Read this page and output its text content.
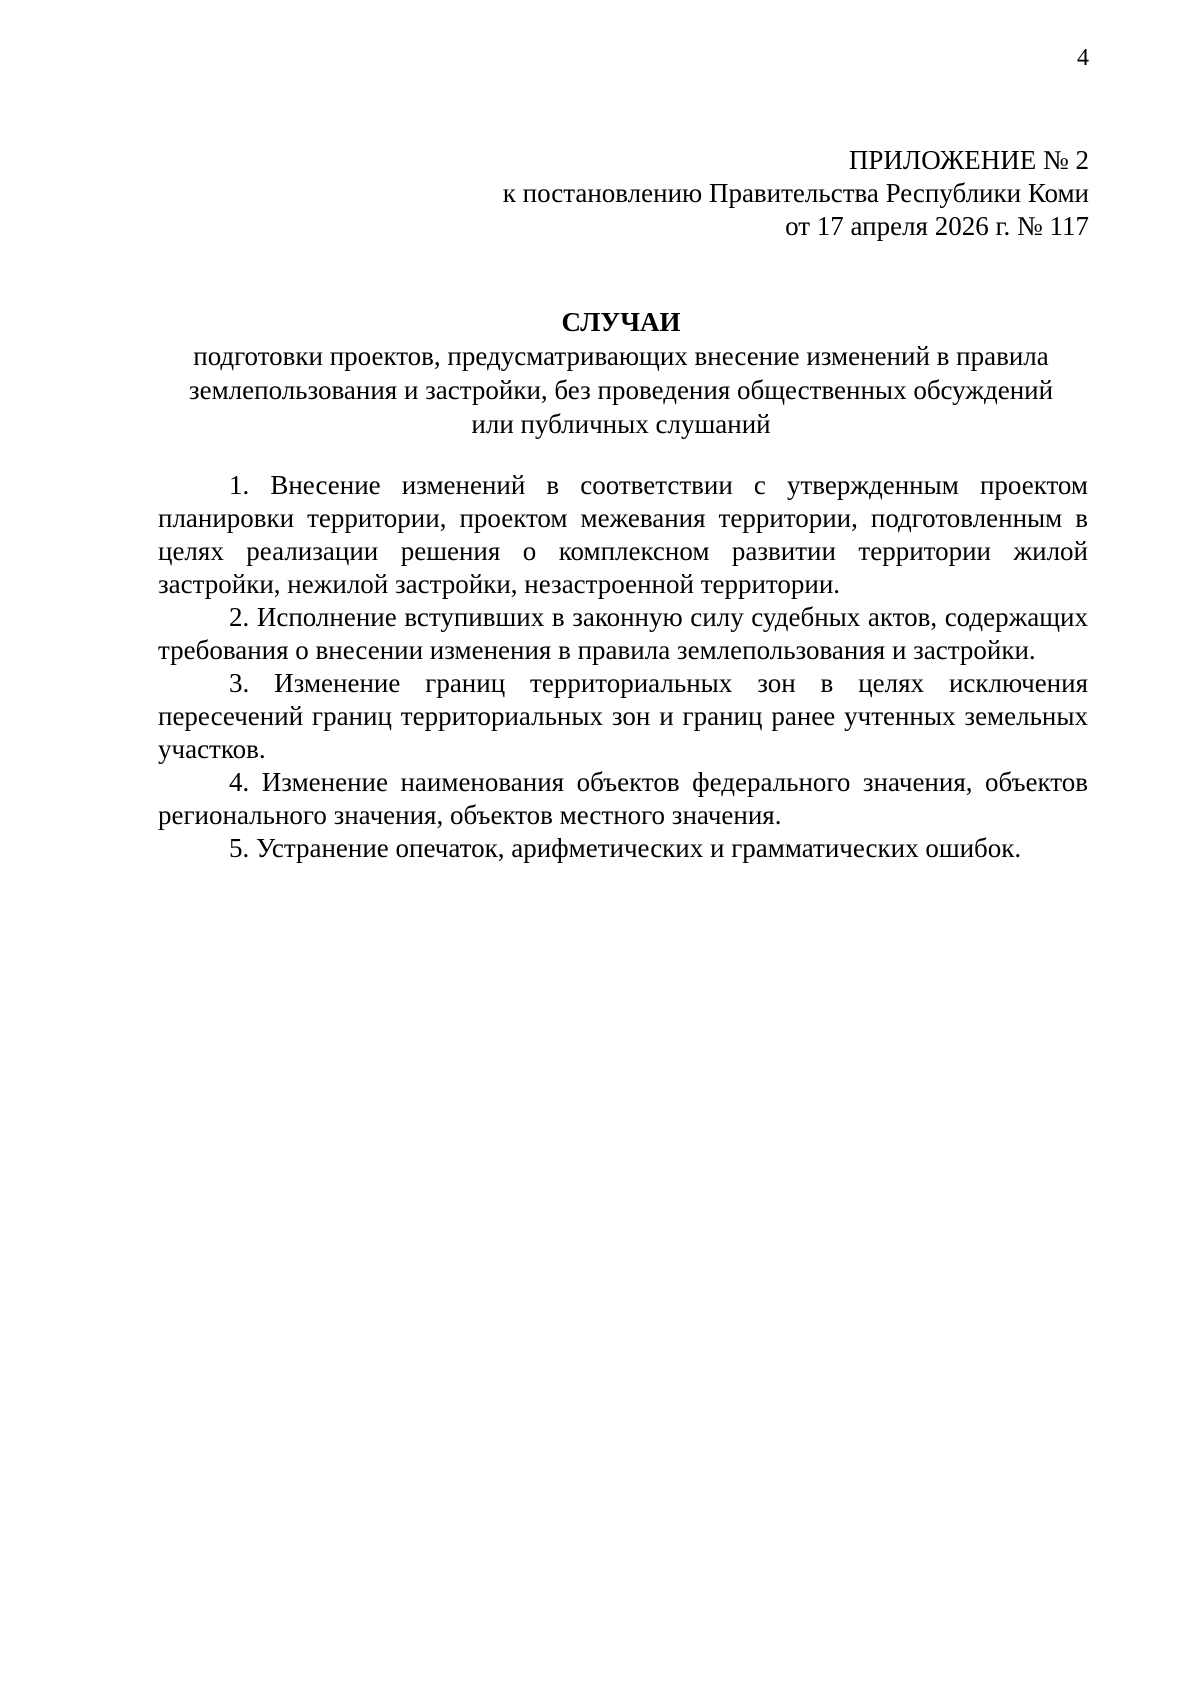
4
ПРИЛОЖЕНИЕ № 2
к постановлению Правительства Республики Коми
от 17 апреля 2026 г. № 117
СЛУЧАИ
подготовки проектов, предусматривающих внесение изменений в правила
землепользования и застройки, без проведения общественных обсуждений
или публичных слушаний

1. Внесение изменений в соответствии с утвержденным проектом планировки территории, проектом межевания территории, подготовленным в целях реализации решения о комплексном развитии территории жилой застройки, нежилой застройки, незастроенной территории.

2. Исполнение вступивших в законную силу судебных актов, содержащих требования о внесении изменения в правила землепользования и застройки.

3. Изменение границ территориальных зон в целях исключения пересечений границ территориальных зон и границ ранее учтенных земельных участков.

4. Изменение наименования объектов федерального значения, объектов регионального значения, объектов местного значения.

5. Устранение опечаток, арифметических и грамматических ошибок.
